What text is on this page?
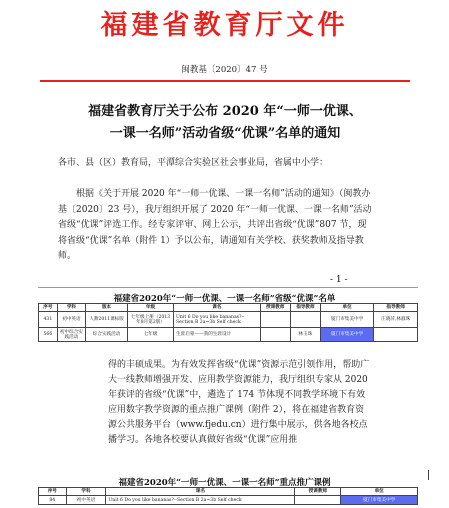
福建省教育厅文件
闽教基〔2020〕47 号
福建省教育厅关于公布 2020 年“一师一优课、
一课一名师”活动省级“优课”名单的通知
各市、县（区）教育局，平潭综合实验区社会事业局，省属中小学：
根据《关于开展 2020 年“一师一优课、一课一名师”活动的通知》（闽教办基〔2020〕23 号），我厅组织开展了 2020 年“一师一优课、一课一名师”活动省级“优课”评选工作。经专家评审、网上公示，共评出省级“优课”807 节，现将省级“优课”名单（附件 1）予以公布，请通知有关学校、获奖教师及指导教师。
- 1 -
福建省2020年“一师一优课、一课一名师”省级“优课”名单
序号	学科	版本	年级	课名	授课教师	指导教师	单位	指导教师
431	初中英语	人教2011课标版	七年级上册（2013年8月第2版）	Unit 6 Do you like bananas?--Section B 2a~3b Self check			厦门市集美中学	庄晓萍,林淑珠
566	初中综合实践活动	综合实践活动	七年级	生涯启蒙——我的生涯设计		林玉珠	厦门市集美中学	
得的丰硕成果。为有效发挥省级“优课”资源示范引领作用，帮助广大一线教师增强开发、应用教学资源能力，我厅组织专家从 2020 年获评的省级“优课”中，遴选了 174 节体现不同教学环境下有效应用数字教学资源的重点推广课例（附件 2），将在福建省教育资源公共服务平台（www.fjedu.cn）进行集中展示，供各地各校点播学习。各地各校要认真做好省级“优课”应用推
福建省2020年“一师一优课、一课一名师”重点推广课例
序号	学科	课名	授课教师	单位
84	初中英语	Unit 6 Do you like bananas?--Section B 2a~3b Self check		厦门市集美中学
